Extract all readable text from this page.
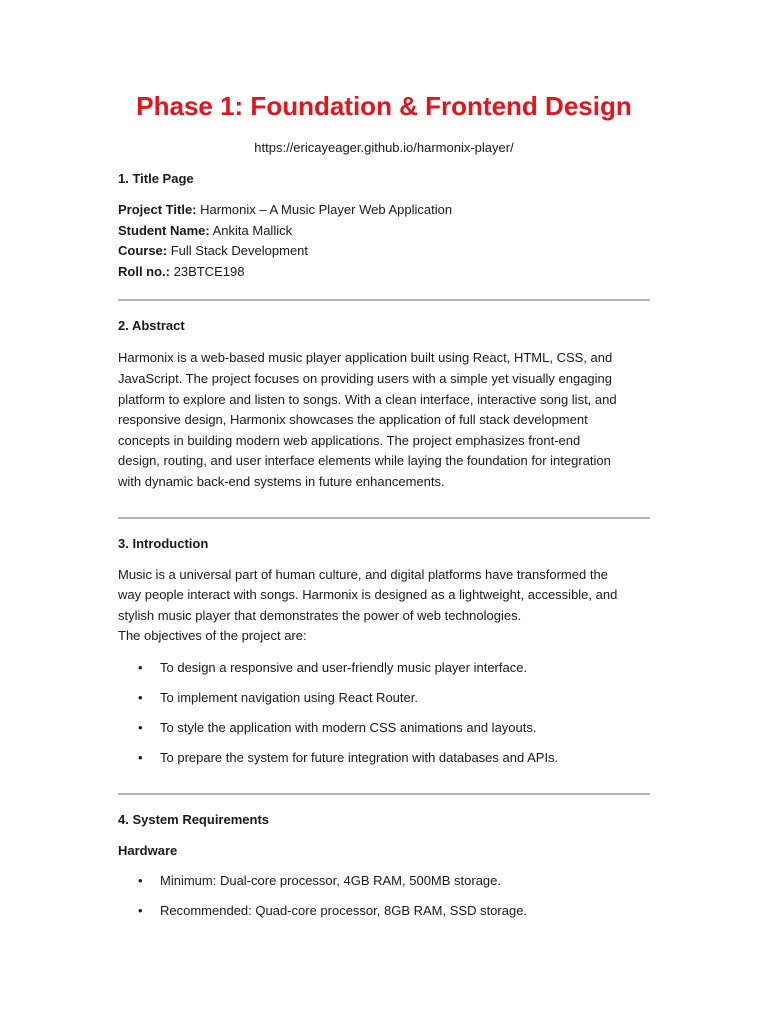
Phase 1: Foundation & Frontend Design
https://ericayeager.github.io/harmonix-player/
1. Title Page
Project Title: Harmonix – A Music Player Web Application
Student Name: Ankita Mallick
Course: Full Stack Development
Roll no.: 23BTCE198
2. Abstract

Harmonix is a web-based music player application built using React, HTML, CSS, and
JavaScript. The project focuses on providing users with a simple yet visually engaging
platform to explore and listen to songs. With a clean interface, interactive song list, and
responsive design, Harmonix showcases the application of full stack development
concepts in building modern web applications. The project emphasizes front-end
design, routing, and user interface elements while laying the foundation for integration
with dynamic back-end systems in future enhancements.

3. Introduction

Music is a universal part of human culture, and digital platforms have transformed the
way people interact with songs. Harmonix is designed as a lightweight, accessible, and
stylish music player that demonstrates the power of web technologies.
The objectives of the project are:

• To design a responsive and user-friendly music player interface.
• To implement navigation using React Router.
• To style the application with modern CSS animations and layouts.
• To prepare the system for future integration with databases and APIs.
4. System Requirements
Hardware
• Minimum: Dual-core processor, 4GB RAM, 500MB storage.
• Recommended: Quad-core processor, 8GB RAM, SSD storage.
